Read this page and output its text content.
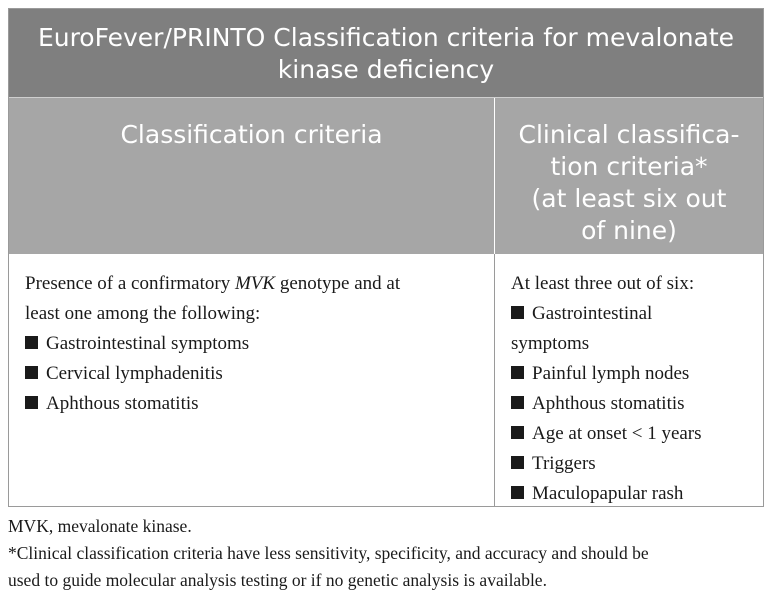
EuroFever/PRINTO Classification criteria for mevalonate
kinase deficiency
Classification criteria	Clinical classifica-
tion criteria*
(at least six out
of nine)
Presence of a confirmatory MVK genotype and at
least one among the following:
Gastrointestinal symptoms
Cervical lymphadenitis
Aphthous stomatitis
At least three out of six:
Gastrointestinal
symptoms
Painful lymph nodes
Aphthous stomatitis
Age at onset < 1 years
Triggers
Maculopapular rash
MVK, mevalonate kinase.
*Clinical classification criteria have less sensitivity, specificity, and accuracy and should be
used to guide molecular analysis testing or if no genetic analysis is available.
